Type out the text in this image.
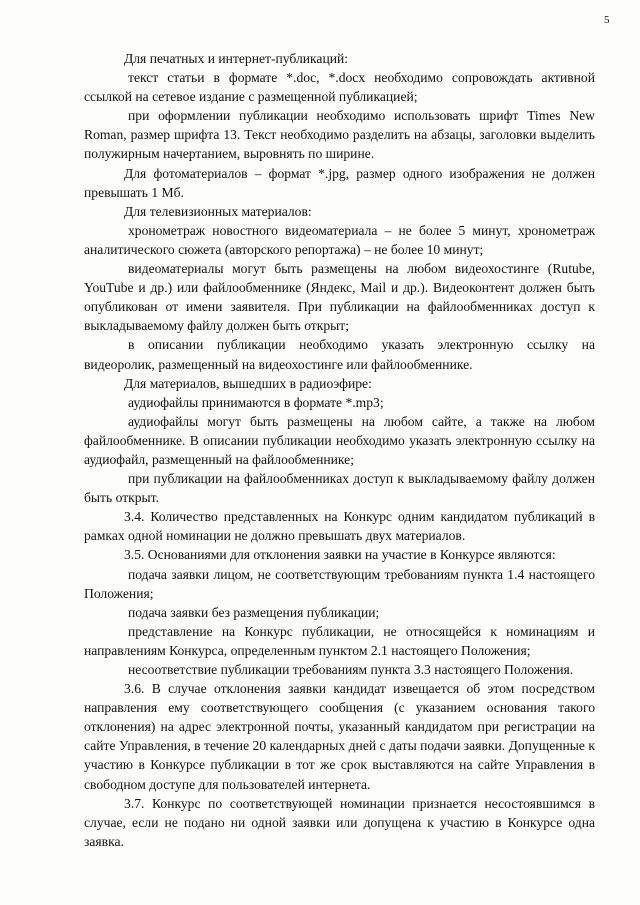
5

Для печатных и интернет-публикаций:

текст статьи в формате *.doc, *.docx необходимо сопровождать активной ссылкой на сетевое издание с размещенной публикацией;

при оформлении публикации необходимо использовать шрифт Times New Roman, размер шрифта 13. Текст необходимо разделить на абзацы, заголовки выделить полужирным начертанием, выровнять по ширине.

Для фотоматериалов – формат *.jpg, размер одного изображения не должен превышать 1 Мб.

Для телевизионных материалов:

хронометраж новостного видеоматериала – не более 5 минут, хронометраж аналитического сюжета (авторского репортажа) – не более 10 минут;

видеоматериалы могут быть размещены на любом видеохостинге (Rutube, YouTube и др.) или файлообменнике (Яндекс, Mail и др.). Видеоконтент должен быть опубликован от имени заявителя. При публикации на файлообменниках доступ к выкладываемому файлу должен быть открыт;

в описании публикации необходимо указать электронную ссылку на видеоролик, размещенный на видеохостинге или файлообменнике.

Для материалов, вышедших в радиоэфире:

аудиофайлы принимаются в формате *.mp3;

аудиофайлы могут быть размещены на любом сайте, а также на любом файлообменнике. В описании публикации необходимо указать электронную ссылку на аудиофайл, размещенный на файлообменнике;

при публикации на файлообменниках доступ к выкладываемому файлу должен быть открыт.

3.4. Количество представленных на Конкурс одним кандидатом публикаций в рамках одной номинации не должно превышать двух материалов.

3.5. Основаниями для отклонения заявки на участие в Конкурсе являются:

подача заявки лицом, не соответствующим требованиям пункта 1.4 настоящего Положения;

подача заявки без размещения публикации;

представление на Конкурс публикации, не относящейся к номинациям и направлениям Конкурса, определенным пунктом 2.1 настоящего Положения;

несоответствие публикации требованиям пункта 3.3 настоящего Положения.

3.6. В случае отклонения заявки кандидат извещается об этом посредством направления ему соответствующего сообщения (с указанием основания такого отклонения) на адрес электронной почты, указанный кандидатом при регистрации на сайте Управления, в течение 20 календарных дней с даты подачи заявки. Допущенные к участию в Конкурсе публикации в тот же срок выставляются на сайте Управления в свободном доступе для пользователей интернета.

3.7. Конкурс по соответствующей номинации признается несостоявшимся в случае, если не подано ни одной заявки или допущена к участию в Конкурсе одна заявка.
